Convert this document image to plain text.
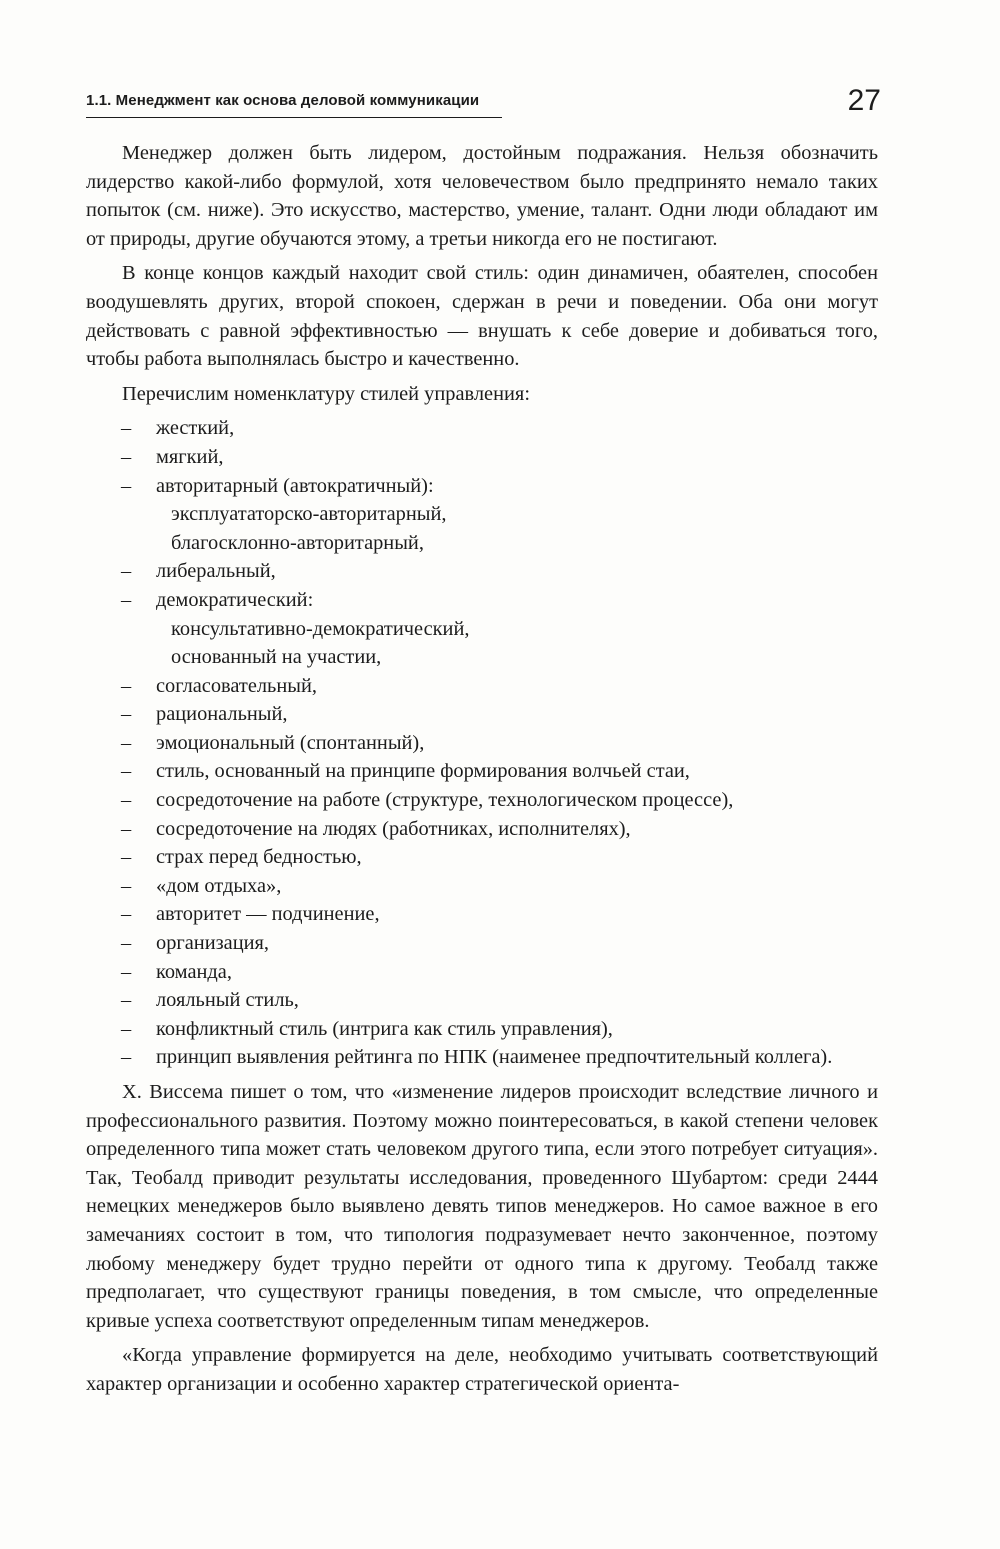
1.1. Менеджмент как основа деловой коммуникации	27

Менеджер должен быть лидером, достойным подражания. Нельзя обозначить лидерство какой-либо формулой, хотя человечеством было предпринято немало таких попыток (см. ниже). Это искусство, мастерство, умение, талант. Одни люди обладают им от природы, другие обучаются этому, а третьи никогда его не постигают.

В конце концов каждый находит свой стиль: один динамичен, обаятелен, способен воодушевлять других, второй спокоен, сдержан в речи и поведении. Оба они могут действовать с равной эффективностью — внушать к себе доверие и добиваться того, чтобы работа выполнялась быстро и качественно.

Перечислим номенклатуру стилей управления:

– жесткий,
– мягкий,
– авторитарный (автократичный):
эксплуататорско-авторитарный,
благосклонно-авторитарный,
– либеральный,
– демократический:
консультативно-демократический,
основанный на участии,
– согласовательный,
– рациональный,
– эмоциональный (спонтанный),
– стиль, основанный на принципе формирования волчьей стаи,
– сосредоточение на работе (структуре, технологическом процессе),
– сосредоточение на людях (работниках, исполнителях),
– страх перед бедностью,
– «дом отдыха»,
– авторитет — подчинение,
– организация,
– команда,
– лояльный стиль,
– конфликтный стиль (интрига как стиль управления),
– принцип выявления рейтинга по НПК (наименее предпочтительный коллега).

Х. Виссема пишет о том, что «изменение лидеров происходит вследствие личного и профессионального развития. Поэтому можно поинтересоваться, в какой степени человек определенного типа может стать человеком другого типа, если этого потребует ситуация». Так, Теобалд приводит результаты исследования, проведенного Шубартом: среди 2444 немецких менеджеров было выявлено девять типов менеджеров. Но самое важное в его замечаниях состоит в том, что типология подразумевает нечто законченное, поэтому любому менеджеру будет трудно перейти от одного типа к другому. Теобалд также предполагает, что существуют границы поведения, в том смысле, что определенные кривые успеха соответствуют определенным типам менеджеров.

«Когда управление формируется на деле, необходимо учитывать соответствующий характер организации и особенно характер стратегической ориента-
